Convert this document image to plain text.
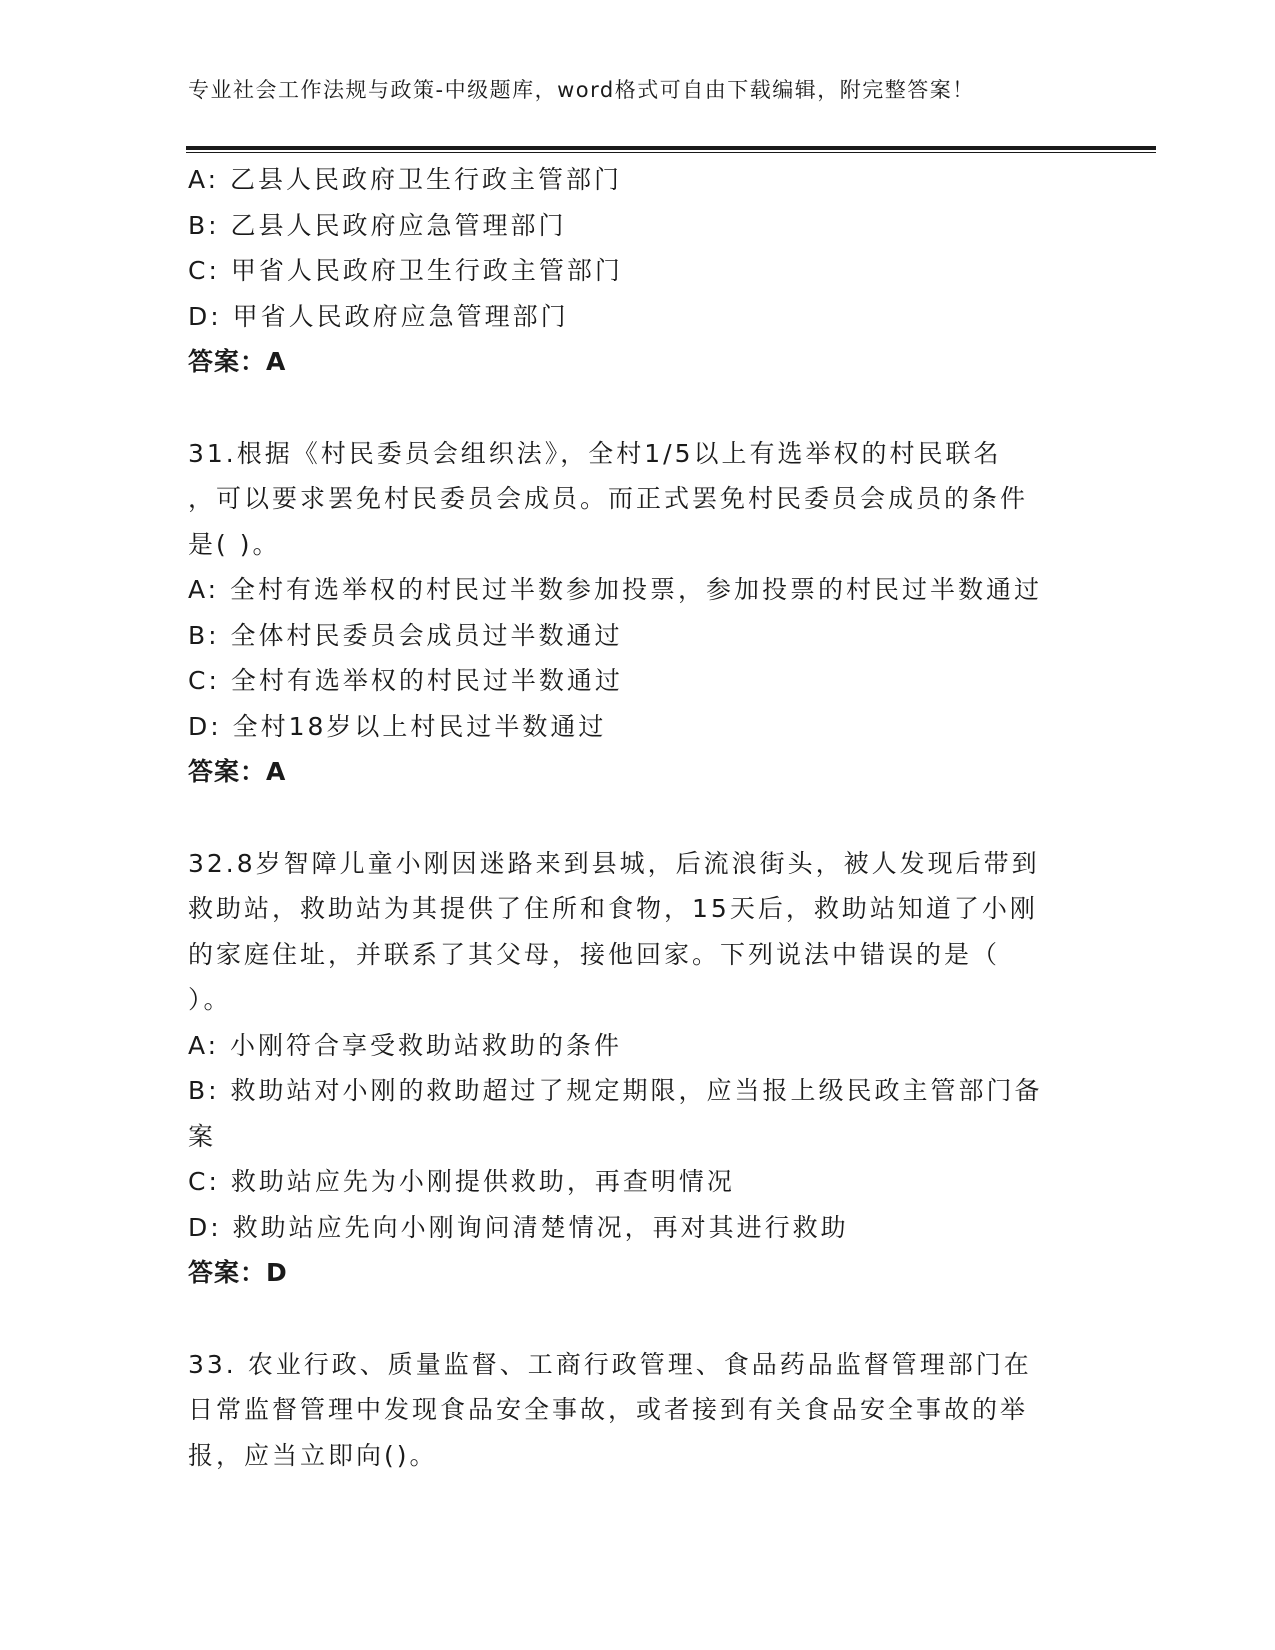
专业社会工作法规与政策-中级题库，word格式可自由下载编辑，附完整答案！
A: 乙县人民政府卫生行政主管部门
B: 乙县人民政府应急管理部门
C: 甲省人民政府卫生行政主管部门
D: 甲省人民政府应急管理部门
答案：A
31.根据《村民委员会组织法》，全村1/5以上有选举权的村民联名
，可以要求罢免村民委员会成员。而正式罢免村民委员会成员的条件
是( )。
A: 全村有选举权的村民过半数参加投票，参加投票的村民过半数通过
B: 全体村民委员会成员过半数通过
C: 全村有选举权的村民过半数通过
D: 全村18岁以上村民过半数通过
答案：A
32.8岁智障儿童小刚因迷路来到县城，后流浪街头，被人发现后带到
救助站，救助站为其提供了住所和食物，15天后，救助站知道了小刚
的家庭住址，并联系了其父母，接他回家。下列说法中错误的是（
）。
A: 小刚符合享受救助站救助的条件
B: 救助站对小刚的救助超过了规定期限，应当报上级民政主管部门备
案
C: 救助站应先为小刚提供救助，再查明情况
D: 救助站应先向小刚询问清楚情况，再对其进行救助
答案：D
33. 农业行政、质量监督、工商行政管理、食品药品监督管理部门在
日常监督管理中发现食品安全事故，或者接到有关食品安全事故的举
报，应当立即向()。
